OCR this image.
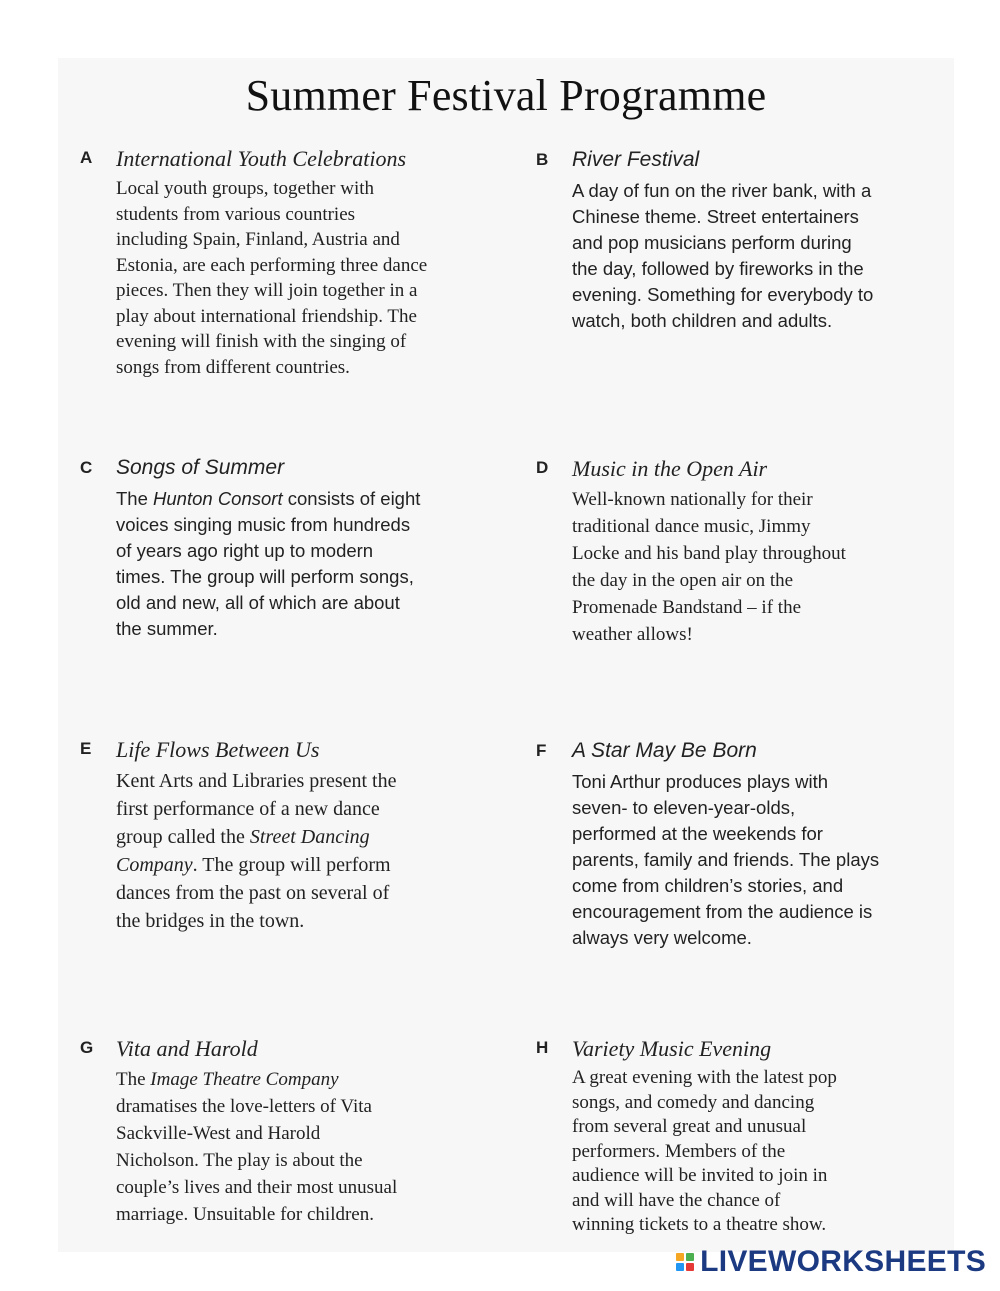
Summer Festival Programme
A International Youth Celebrations
Local youth groups, together with
students from various countries
including Spain, Finland, Austria and
Estonia, are each performing three dance
pieces. Then they will join together in a
play about international friendship. The
evening will finish with the singing of
songs from different countries.
B River Festival
A day of fun on the river bank, with a
Chinese theme. Street entertainers
and pop musicians perform during
the day, followed by fireworks in the
evening. Something for everybody to
watch, both children and adults.
C Songs of Summer
The Hunton Consort consists of eight
voices singing music from hundreds
of years ago right up to modern
times. The group will perform songs,
old and new, all of which are about
the summer.
D Music in the Open Air
Well-known nationally for their
traditional dance music, Jimmy
Locke and his band play throughout
the day in the open air on the
Promenade Bandstand – if the
weather allows!
E Life Flows Between Us
Kent Arts and Libraries present the
first performance of a new dance
group called the Street Dancing
Company. The group will perform
dances from the past on several of
the bridges in the town.
F A Star May Be Born
Toni Arthur produces plays with
seven- to eleven-year-olds,
performed at the weekends for
parents, family and friends. The plays
come from children’s stories, and
encouragement from the audience is
always very welcome.
G Vita and Harold
The Image Theatre Company
dramatises the love-letters of Vita
Sackville-West and Harold
Nicholson. The play is about the
couple’s lives and their most unusual
marriage. Unsuitable for children.
H Variety Music Evening
A great evening with the latest pop
songs, and comedy and dancing
from several great and unusual
performers. Members of the
audience will be invited to join in
and will have the chance of
winning tickets to a theatre show.
LIVEWORKSHEETS
